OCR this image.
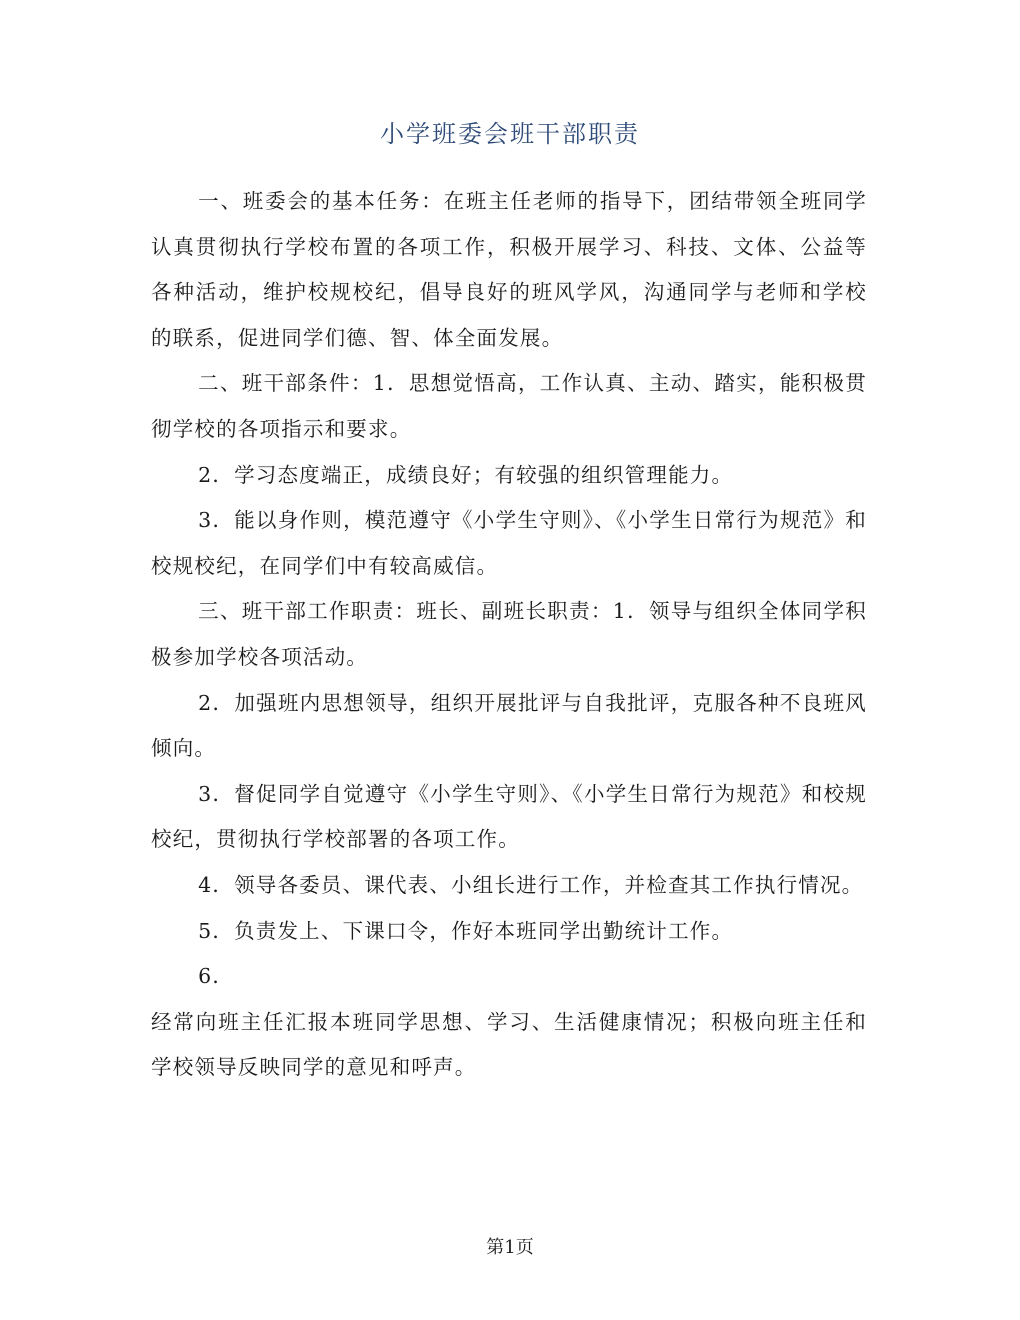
小学班委会班干部职责

一、班委会的基本任务：在班主任老师的指导下，团结带领全班同学认真贯彻执行学校布置的各项工作，积极开展学习、科技、文体、公益等各种活动，维护校规校纪，倡导良好的班风学风，沟通同学与老师和学校的联系，促进同学们德、智、体全面发展。

二、班干部条件：1．思想觉悟高，工作认真、主动、踏实，能积极贯彻学校的各项指示和要求。

2．学习态度端正，成绩良好；有较强的组织管理能力。

3．能以身作则，模范遵守《小学生守则》、《小学生日常行为规范》和校规校纪，在同学们中有较高威信。

三、班干部工作职责：班长、副班长职责：1．领导与组织全体同学积极参加学校各项活动。

2．加强班内思想领导，组织开展批评与自我批评，克服各种不良班风倾向。

3．督促同学自觉遵守《小学生守则》、《小学生日常行为规范》和校规校纪，贯彻执行学校部署的各项工作。

4．领导各委员、课代表、小组长进行工作，并检查其工作执行情况。

5．负责发上、下课口令，作好本班同学出勤统计工作。

6．

经常向班主任汇报本班同学思想、学习、生活健康情况；积极向班主任和学校领导反映同学的意见和呼声。

第1页
